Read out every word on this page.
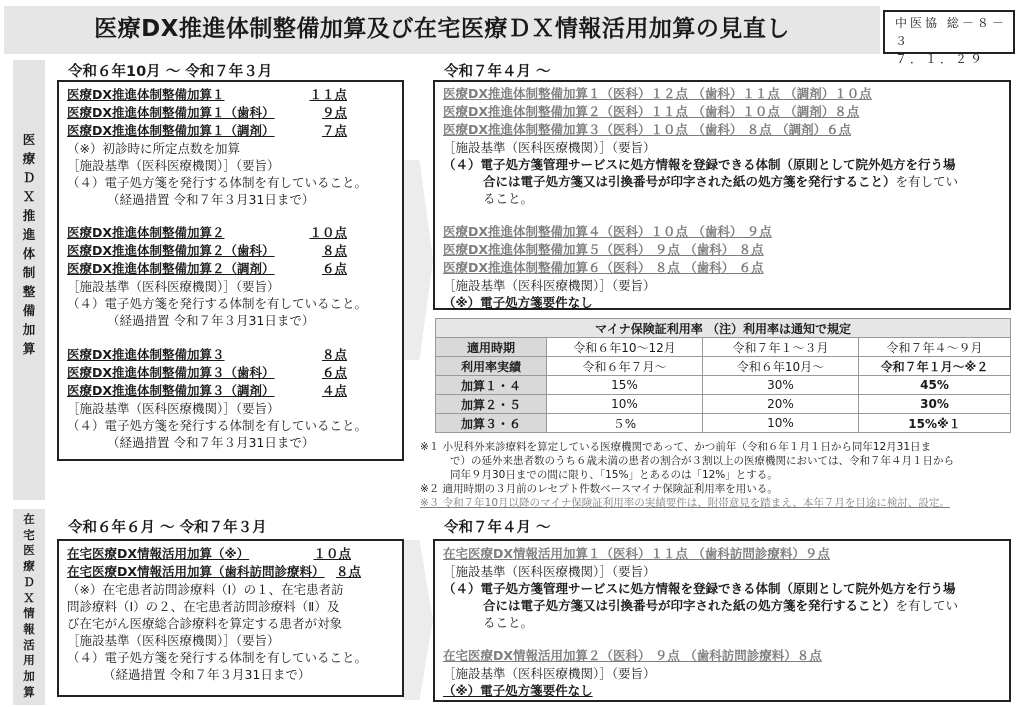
医療DX推進体制整備加算及び在宅医療ＤＸ情報活用加算の見直し	中医協 総－８－３
７．１．２９
医療ＤＸ推進体制整備加算
在宅医療ＤＸ情報活用加算
令和６年10月 ～ 令和７年３月
医療DX推進体制整備加算１	１１点
医療DX推進体制整備加算１（歯科）	９点
医療DX推進体制整備加算１（調剤）	７点
（※）初診時に所定点数を加算
［施設基準（医科医療機関）］（要旨）
（４）電子処方箋を発行する体制を有していること。
（経過措置 令和７年３月31日まで）
医療DX推進体制整備加算２	１０点
医療DX推進体制整備加算２（歯科）	８点
医療DX推進体制整備加算２（調剤）	６点
［施設基準（医科医療機関）］（要旨）
（４）電子処方箋を発行する体制を有していること。
（経過措置 令和７年３月31日まで）
医療DX推進体制整備加算３	８点
医療DX推進体制整備加算３（歯科）	６点
医療DX推進体制整備加算３（調剤）	４点
［施設基準（医科医療機関）］（要旨）
（４）電子処方箋を発行する体制を有していること。
（経過措置 令和７年３月31日まで）
令和７年４月 ～
医療DX推進体制整備加算１（医科）１２点 （歯科）１１点 （調剤）１０点
医療DX推進体制整備加算２（医科）１１点 （歯科）１０点 （調剤）８点
医療DX推進体制整備加算３（医科）１０点 （歯科） ８点 （調剤）６点
［施設基準（医科医療機関）］（要旨）
（４）電子処方箋管理サービスに処方情報を登録できる体制（原則として院外処方を行う場
合には電子処方箋又は引換番号が印字された紙の処方箋を発行すること）を有してい
ること。
医療DX推進体制整備加算４（医科）１０点 （歯科） ９点
医療DX推進体制整備加算５（医科） ９点 （歯科） ８点
医療DX推進体制整備加算６（医科） ８点 （歯科） ６点
［施設基準（医科医療機関）］（要旨）
（※）電子処方箋要件なし
マイナ保険証利用率 （注）利用率は通知で規定			
適用時期	令和６年10～12月	令和７年１～３月	令和７年４～９月
利用率実績	令和６年７月～	令和６年10月～	令和７年１月～※２
加算１・４	15%	30%	45%
加算２・５	10%	20%	30%
加算３・６	５%	10%	15%※１
※１ 小児科外来診療料を算定している医療機関であって、かつ前年（令和６年１月１日から同年12月31日ま
で）の延外来患者数のうち６歳未満の患者の割合が３割以上の医療機関においては、令和７年４月１日から
同年９月30日までの間に限り、「15%」とあるのは「12%」とする。
※２ 適用時期の３月前のレセプト件数ベースマイナ保険証利用率を用いる。
※３ 令和７年10月以降のマイナ保険証利用率の実績要件は、附帯意見を踏まえ、本年７月を目途に検討、設定。
令和６年６月 ～ 令和７年３月
在宅医療DX情報活用加算（※）	１０点
在宅医療DX情報活用加算（歯科訪問診療料） ８点
（※）在宅患者訪問診療料（Ⅰ）の１、在宅患者訪
問診療料（Ⅰ）の２、在宅患者訪問診療料（Ⅱ）及
び在宅がん医療総合診療料を算定する患者が対象
［施設基準（医科医療機関）］（要旨）
（４）電子処方箋を発行する体制を有していること。
（経過措置 令和７年３月31日まで）
令和７年４月 ～
在宅医療DX情報活用加算１（医科）１１点 （歯科訪問診療料）９点
［施設基準（医科医療機関）］（要旨）
（４）電子処方箋管理サービスに処方情報を登録できる体制（原則として院外処方を行う場
合には電子処方箋又は引換番号が印字された紙の処方箋を発行すること）を有してい
ること。
在宅医療DX情報活用加算２（医科） ９点 （歯科訪問診療料）８点
［施設基準（医科医療機関）］（要旨）
（※）電子処方箋要件なし
